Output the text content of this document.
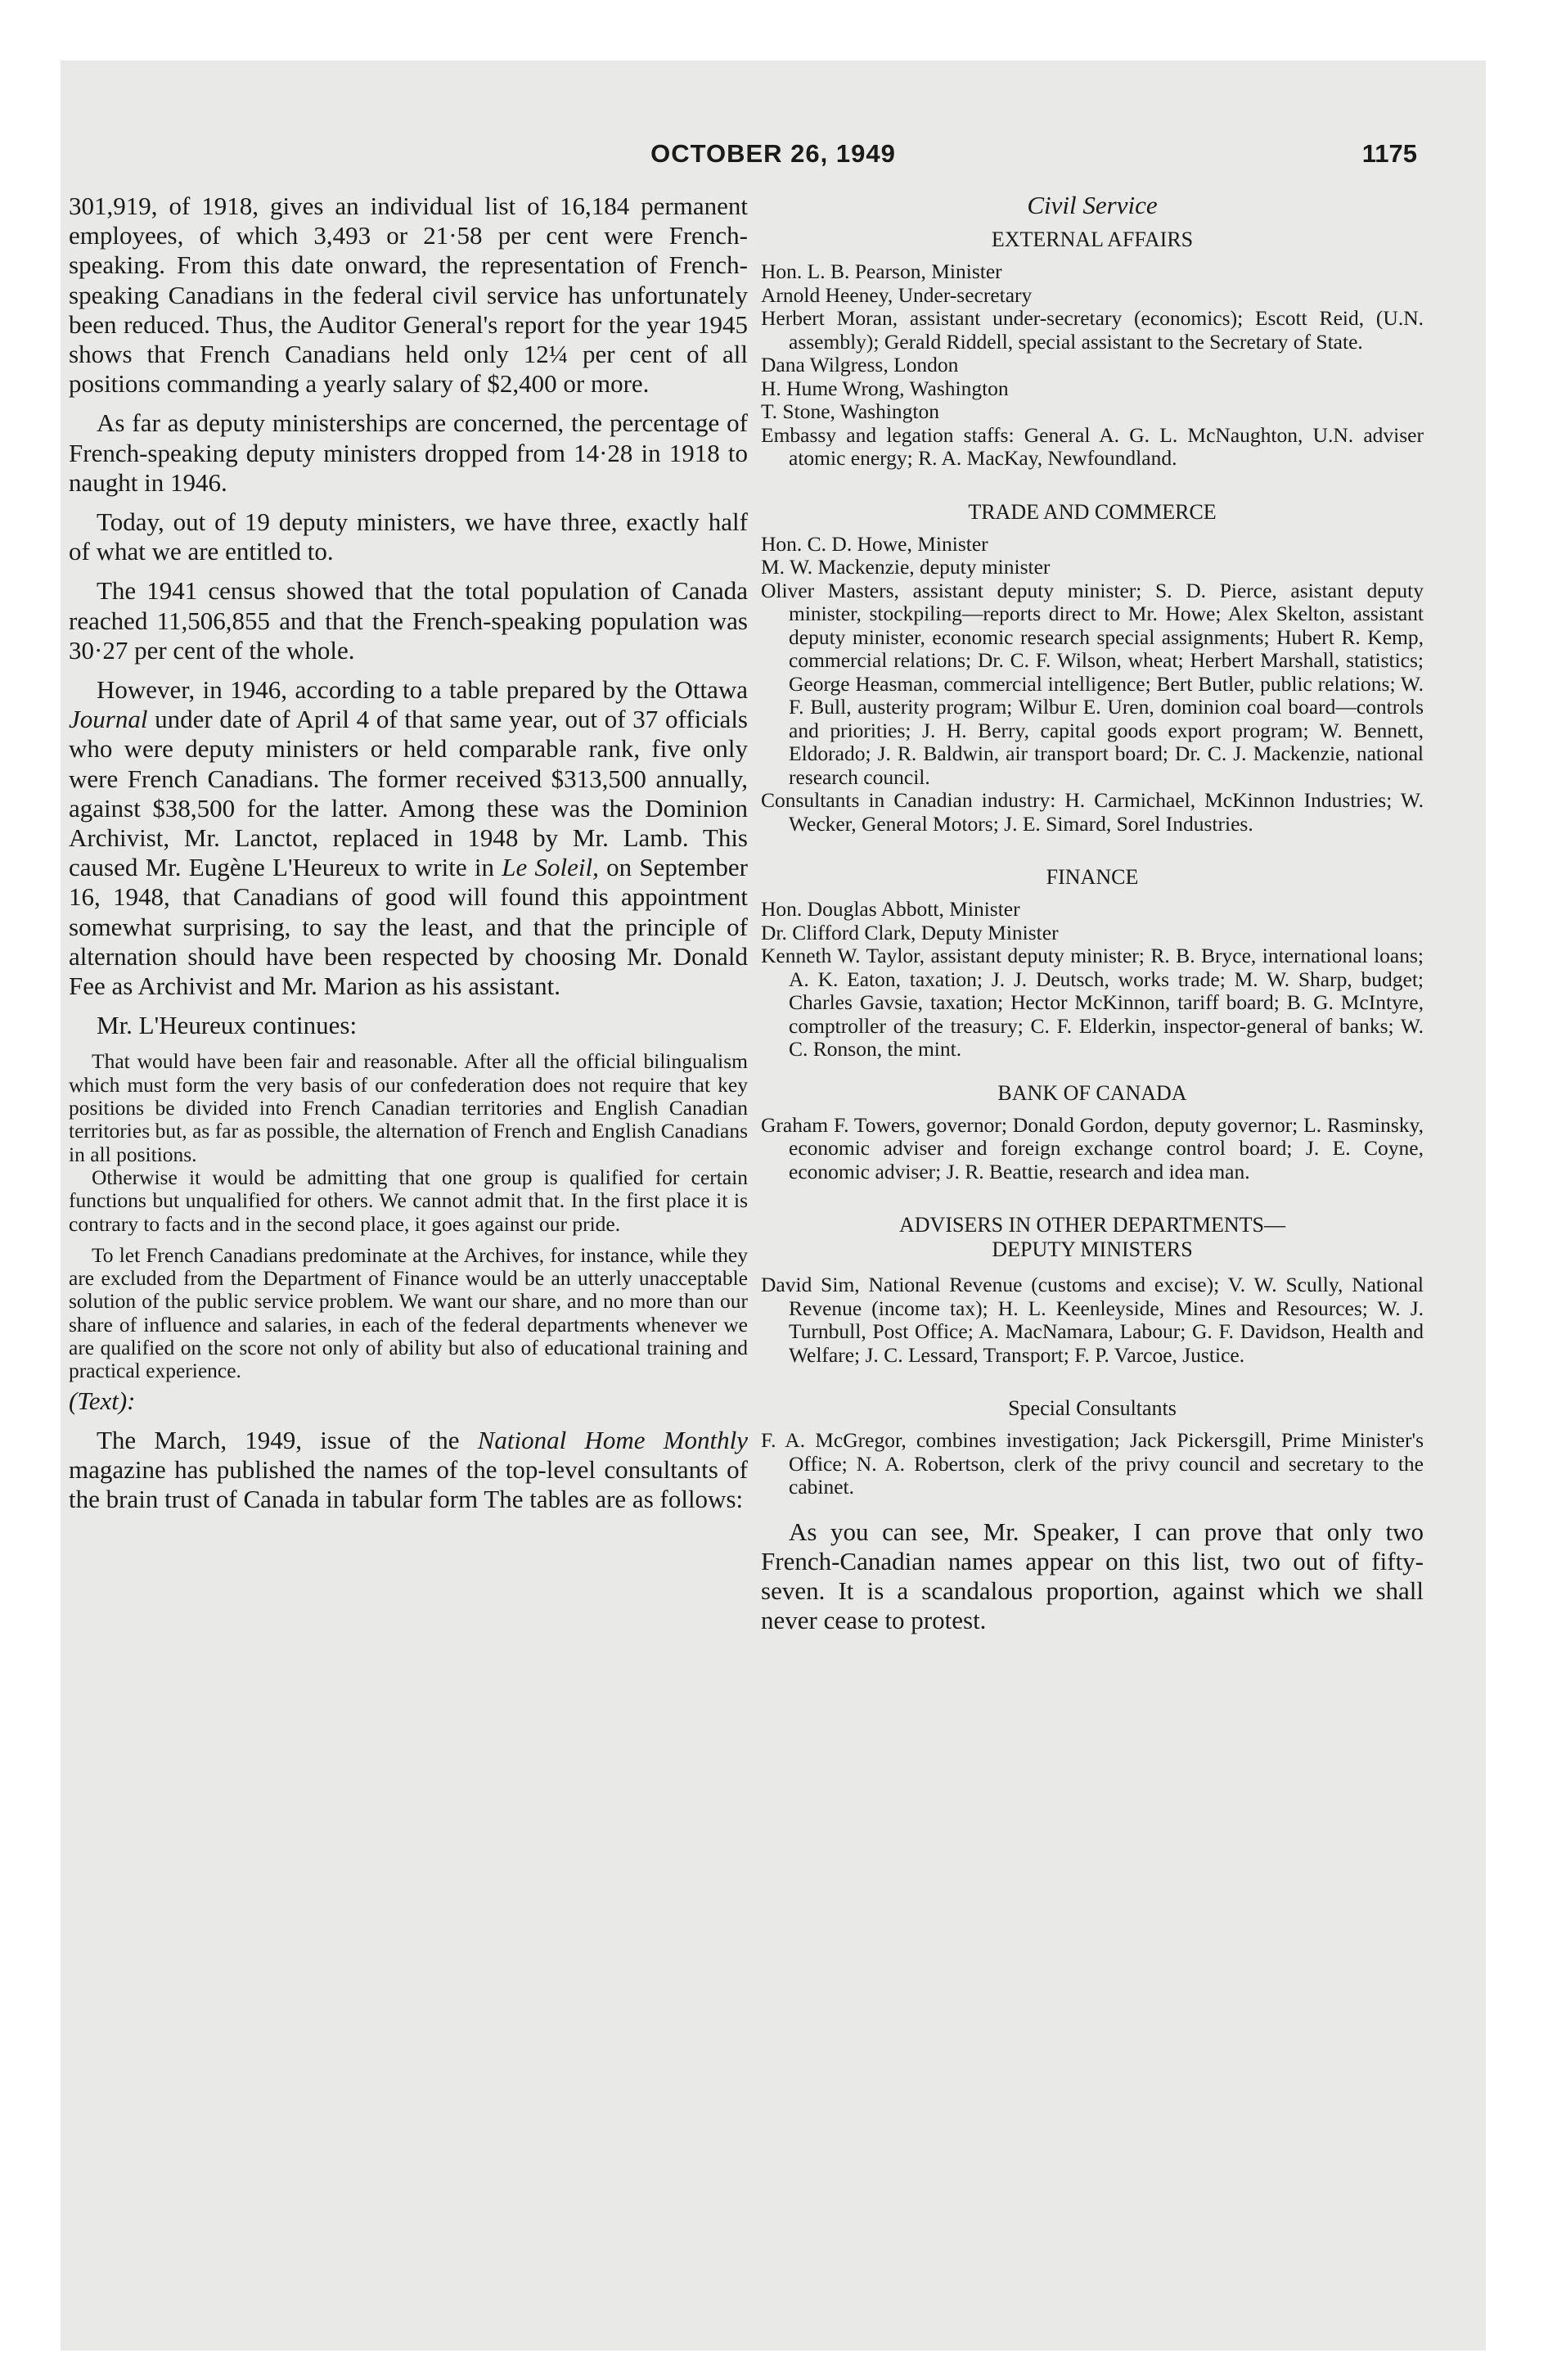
OCTOBER 26, 1949	1175

301,919, of 1918, gives an individual list of 16,184 permanent employees, of which 3,493 or 21·58 per cent were French-speaking. From this date onward, the representation of French-speaking Canadians in the federal civil service has unfortunately been reduced. Thus, the Auditor General's report for the year 1945 shows that French Canadians held only 12¼ per cent of all positions commanding a yearly salary of $2,400 or more.

As far as deputy ministerships are concerned, the percentage of French-speaking deputy ministers dropped from 14·28 in 1918 to naught in 1946.

Today, out of 19 deputy ministers, we have three, exactly half of what we are entitled to.

The 1941 census showed that the total population of Canada reached 11,506,855 and that the French-speaking population was 30·27 per cent of the whole.

However, in 1946, according to a table prepared by the Ottawa Journal under date of April 4 of that same year, out of 37 officials who were deputy ministers or held comparable rank, five only were French Canadians. The former received $313,500 annually, against $38,500 for the latter. Among these was the Dominion Archivist, Mr. Lanctot, replaced in 1948 by Mr. Lamb. This caused Mr. Eugène L'Heureux to write in Le Soleil, on September 16, 1948, that Canadians of good will found this appointment somewhat surprising, to say the least, and that the principle of alternation should have been respected by choosing Mr. Donald Fee as Archivist and Mr. Marion as his assistant.

Mr. L'Heureux continues:

That would have been fair and reasonable. After all the official bilingualism which must form the very basis of our confederation does not require that key positions be divided into French Canadian territories and English Canadian territories but, as far as possible, the alternation of French and English Canadians in all positions.

Otherwise it would be admitting that one group is qualified for certain functions but unqualified for others. We cannot admit that. In the first place it is contrary to facts and in the second place, it goes against our pride.

To let French Canadians predominate at the Archives, for instance, while they are excluded from the Department of Finance would be an utterly unacceptable solution of the public service problem. We want our share, and no more than our share of influence and salaries, in each of the federal departments whenever we are qualified on the score not only of ability but also of educational training and practical experience.

(Text):

The March, 1949, issue of the National Home Monthly magazine has published the names of the top-level consultants of the brain trust of Canada in tabular form The tables are as follows:

Civil Service
EXTERNAL AFFAIRS
Hon. L. B. Pearson, Minister
Arnold Heeney, Under-secretary
Herbert Moran, assistant under-secretary (economics); Escott Reid, (U.N. assembly); Gerald Riddell, special assistant to the Secretary of State.
Dana Wilgress, London
H. Hume Wrong, Washington
T. Stone, Washington
Embassy and legation staffs: General A. G. L. McNaughton, U.N. adviser atomic energy; R. A. MacKay, Newfoundland.
TRADE AND COMMERCE
Hon. C. D. Howe, Minister
M. W. Mackenzie, deputy minister
Oliver Masters, assistant deputy minister; S. D. Pierce, asistant deputy minister, stockpiling—reports direct to Mr. Howe; Alex Skelton, assistant deputy minister, economic research special assignments; Hubert R. Kemp, commercial relations; Dr. C. F. Wilson, wheat; Herbert Marshall, statistics; George Heasman, commercial intelligence; Bert Butler, public relations; W. F. Bull, austerity program; Wilbur E. Uren, dominion coal board—controls and priorities; J. H. Berry, capital goods export program; W. Bennett, Eldorado; J. R. Baldwin, air transport board; Dr. C. J. Mackenzie, national research council.
Consultants in Canadian industry: H. Carmichael, McKinnon Industries; W. Wecker, General Motors; J. E. Simard, Sorel Industries.
FINANCE
Hon. Douglas Abbott, Minister
Dr. Clifford Clark, Deputy Minister
Kenneth W. Taylor, assistant deputy minister; R. B. Bryce, international loans; A. K. Eaton, taxation; J. J. Deutsch, works trade; M. W. Sharp, budget; Charles Gavsie, taxation; Hector McKinnon, tariff board; B. G. McIntyre, comptroller of the treasury; C. F. Elderkin, inspector-general of banks; W. C. Ronson, the mint.
BANK OF CANADA
Graham F. Towers, governor; Donald Gordon, deputy governor; L. Rasminsky, economic adviser and foreign exchange control board; J. E. Coyne, economic adviser; J. R. Beattie, research and idea man.
ADVISERS IN OTHER DEPARTMENTS—
DEPUTY MINISTERS
David Sim, National Revenue (customs and excise); V. W. Scully, National Revenue (income tax); H. L. Keenleyside, Mines and Resources; W. J. Turnbull, Post Office; A. MacNamara, Labour; G. F. Davidson, Health and Welfare; J. C. Lessard, Transport; F. P. Varcoe, Justice.
Special Consultants
F. A. McGregor, combines investigation; Jack Pickersgill, Prime Minister's Office; N. A. Robertson, clerk of the privy council and secretary to the cabinet.

As you can see, Mr. Speaker, I can prove that only two French-Canadian names appear on this list, two out of fifty-seven. It is a scandalous proportion, against which we shall never cease to protest.
